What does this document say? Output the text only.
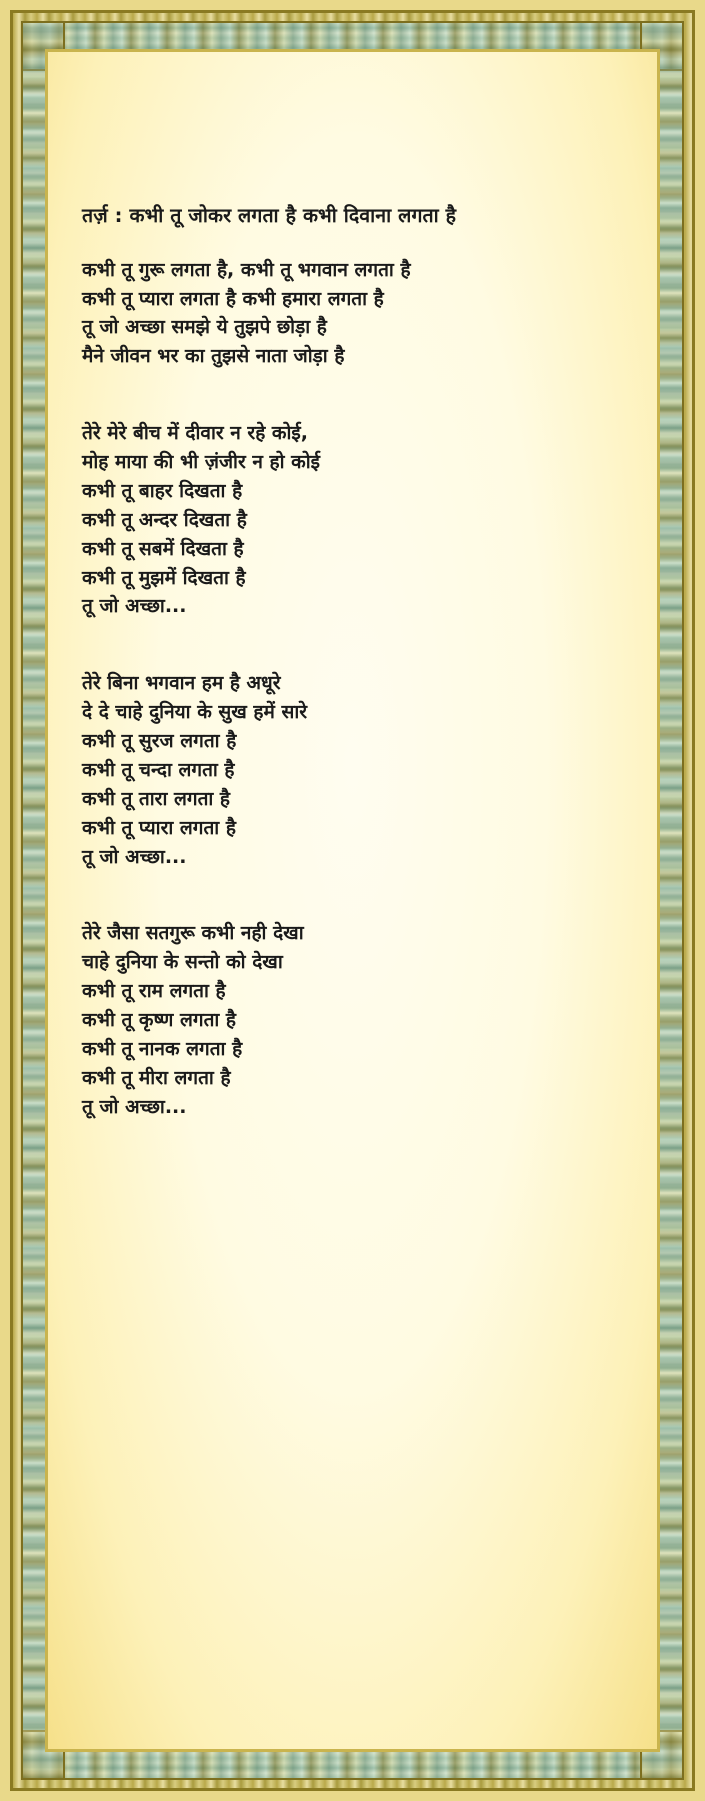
तर्ज़ : कभी तू जोकर लगता है कभी दिवाना लगता है

कभी तू गुरू लगता है, कभी तू भगवान लगता है
कभी तू प्यारा लगता है कभी हमारा लगता है
तू जो अच्छा समझे ये तुझपे छोड़ा है
मैने जीवन भर का तुझसे नाता जोड़ा है
तेरे मेरे बीच में दीवार न रहे कोई,
मोह माया की भी ज़ंजीर न हो कोई
कभी तू बाहर दिखता है
कभी तू अन्दर दिखता है
कभी तू सबमें दिखता है
कभी तू मुझमें दिखता है
तू जो अच्छा...
तेरे बिना भगवान हम है अधूरे
दे दे चाहे दुनिया के सुख हमें सारे
कभी तू सुरज लगता है
कभी तू चन्दा लगता है
कभी तू तारा लगता है
कभी तू प्यारा लगता है
तू जो अच्छा...
तेरे जैसा सतगुरू कभी नही देखा
चाहे दुनिया के सन्तो को देखा
कभी तू राम लगता है
कभी तू कृष्ण लगता है
कभी तू नानक लगता है
कभी तू मीरा लगता है
तू जो अच्छा...
